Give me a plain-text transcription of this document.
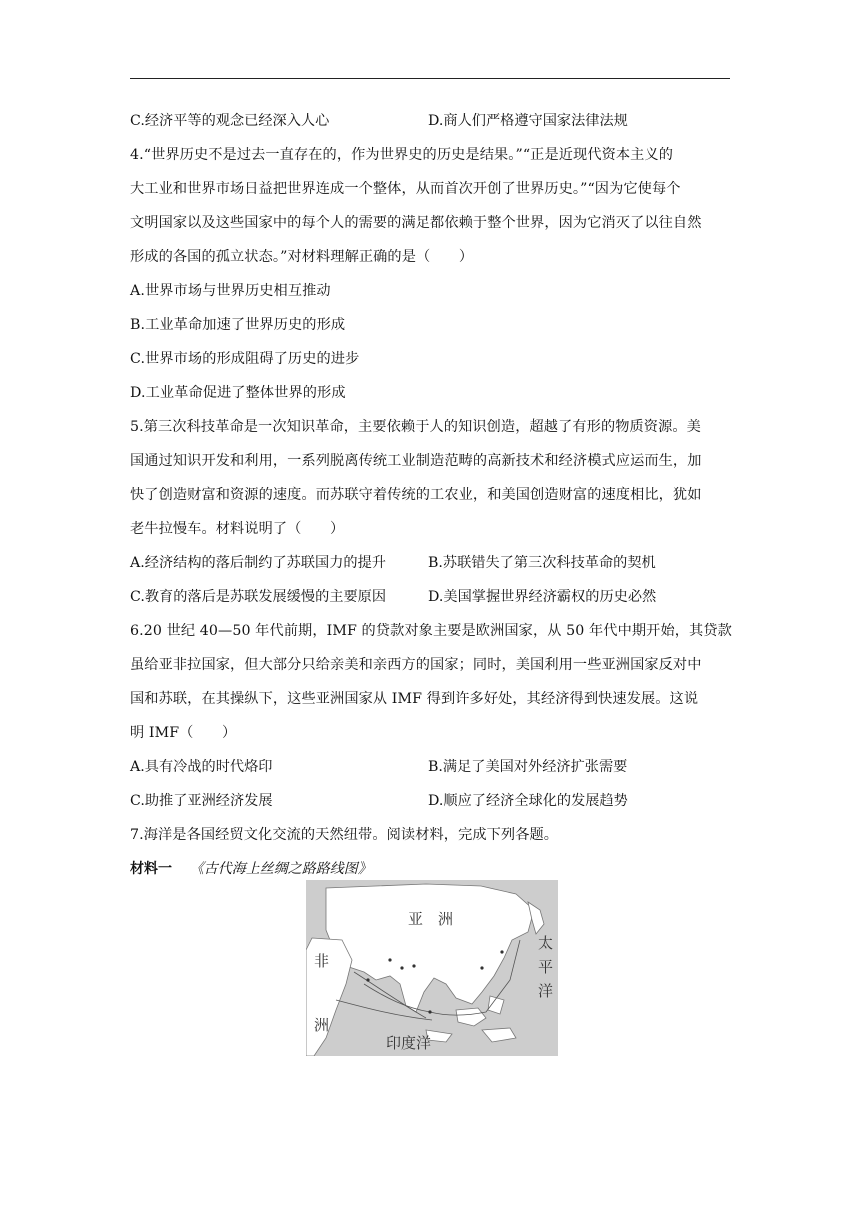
C.经济平等的观念已经深入人心	D.商人们严格遵守国家法律法规
4.“世界历史不是过去一直存在的，作为世界史的历史是结果。”“正是近现代资本主义的
大工业和世界市场日益把世界连成一个整体，从而首次开创了世界历史。”“因为它使每个
文明国家以及这些国家中的每个人的需要的满足都依赖于整个世界，因为它消灭了以往自然
形成的各国的孤立状态。”对材料理解正确的是（　　）
A.世界市场与世界历史相互推动
B.工业革命加速了世界历史的形成
C.世界市场的形成阻碍了历史的进步
D.工业革命促进了整体世界的形成
5.第三次科技革命是一次知识革命，主要依赖于人的知识创造，超越了有形的物质资源。美
国通过知识开发和利用，一系列脱离传统工业制造范畴的高新技术和经济模式应运而生，加
快了创造财富和资源的速度。而苏联守着传统的工农业，和美国创造财富的速度相比，犹如
老牛拉慢车。材料说明了（　　）
A.经济结构的落后制约了苏联国力的提升	B.苏联错失了第三次科技革命的契机
C.教育的落后是苏联发展缓慢的主要原因	D.美国掌握世界经济霸权的历史必然
6.20 世纪 40—50 年代前期，IMF 的贷款对象主要是欧洲国家，从 50 年代中期开始，其贷款
虽给亚非拉国家，但大部分只给亲美和亲西方的国家；同时，美国利用一些亚洲国家反对中
国和苏联，在其操纵下，这些亚洲国家从 IMF 得到许多好处，其经济得到快速发展。这说
明 IMF（　　）
A.具有冷战的时代烙印	B.满足了美国对外经济扩张需要
C.助推了亚洲经济发展	D.顺应了经济全球化的发展趋势
7.海洋是各国经贸文化交流的天然纽带。阅读材料，完成下列各题。
材料一 《古代海上丝绸之路路线图》
亚　洲
非
洲
太
平
洋
印度洋
